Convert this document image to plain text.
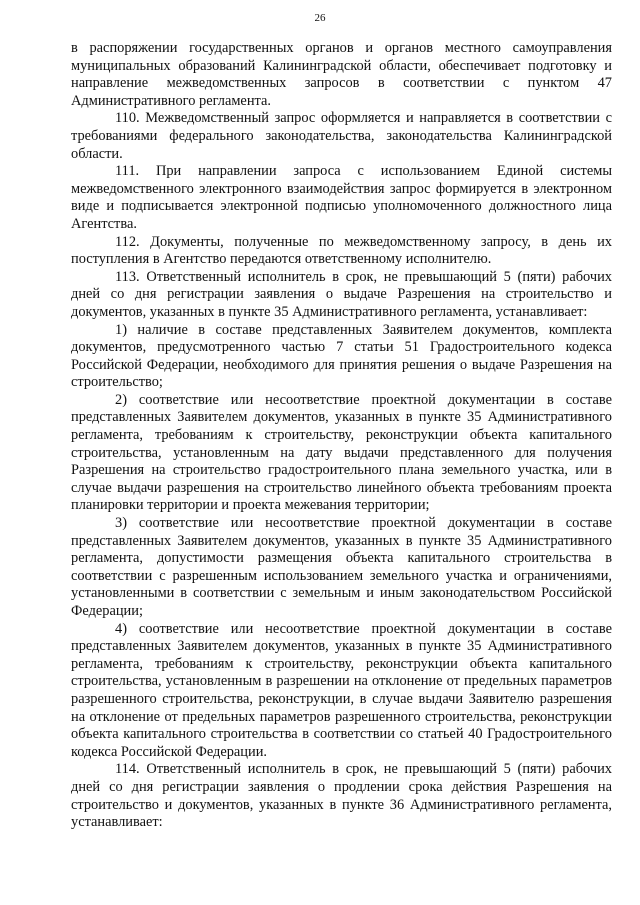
26

в распоряжении государственных органов и органов местного самоуправления муниципальных образований Калининградской области, обеспечивает подготовку и направление межведомственных запросов в соответствии с пунктом 47 Административного регламента.

110. Межведомственный запрос оформляется и направляется в соответствии с требованиями федерального законодательства, законодательства Калининградской области.

111. При направлении запроса с использованием Единой системы межведомственного электронного взаимодействия запрос формируется в электронном виде и подписывается электронной подписью уполномоченного должностного лица Агентства.

112. Документы, полученные по межведомственному запросу, в день их поступления в Агентство передаются ответственному исполнителю.

113. Ответственный исполнитель в срок, не превышающий 5 (пяти) рабочих дней со дня регистрации заявления о выдаче Разрешения на строительство и документов, указанных в пункте 35 Административного регламента, устанавливает:

1) наличие в составе представленных Заявителем документов, комплекта документов, предусмотренного частью 7 статьи 51 Градостроительного кодекса Российской Федерации, необходимого для принятия решения о выдаче Разрешения на строительство;

2) соответствие или несоответствие проектной документации в составе представленных Заявителем документов, указанных в пункте 35 Административного регламента, требованиям к строительству, реконструкции объекта капитального строительства, установленным на дату выдачи представленного для получения Разрешения на строительство градостроительного плана земельного участка, или в случае выдачи разрешения на строительство линейного объекта требованиям проекта планировки территории и проекта межевания территории;

3) соответствие или несоответствие проектной документации в составе представленных Заявителем документов, указанных в пункте 35 Административного регламента, допустимости размещения объекта капитального строительства в соответствии с разрешенным использованием земельного участка и ограничениями, установленными в соответствии с земельным и иным законодательством Российской Федерации;

4) соответствие или несоответствие проектной документации в составе представленных Заявителем документов, указанных в пункте 35 Административного регламента, требованиям к строительству, реконструкции объекта капитального строительства, установленным в разрешении на отклонение от предельных параметров разрешенного строительства, реконструкции, в случае выдачи Заявителю разрешения на отклонение от предельных параметров разрешенного строительства, реконструкции объекта капитального строительства в соответствии со статьей 40 Градостроительного кодекса Российской Федерации.

114. Ответственный исполнитель в срок, не превышающий 5 (пяти) рабочих дней со дня регистрации заявления о продлении срока действия Разрешения на строительство и документов, указанных в пункте 36 Административного регламента, устанавливает:
